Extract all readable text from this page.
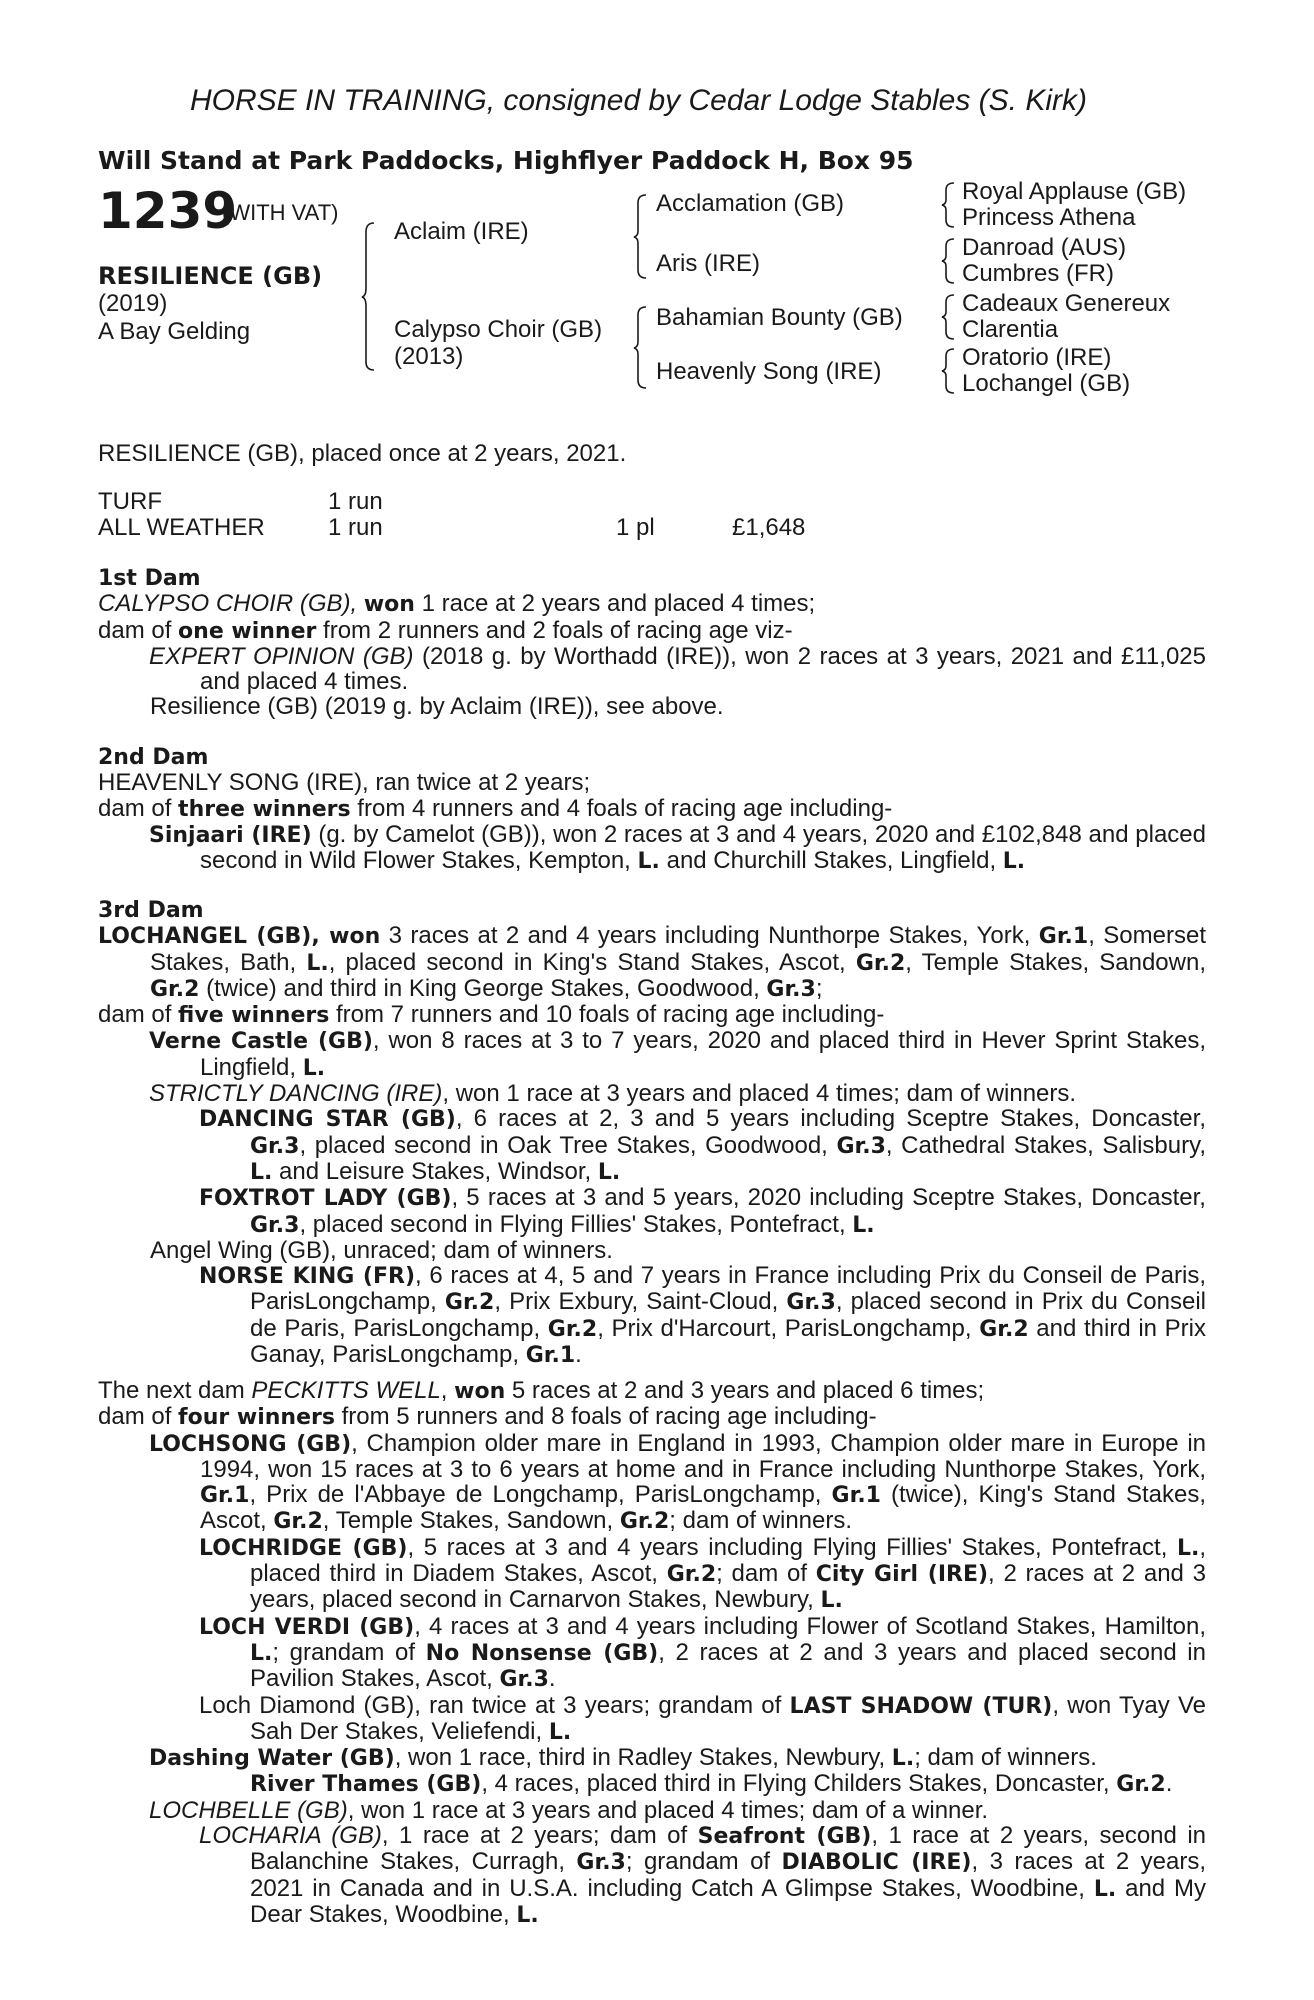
HORSE IN TRAINING, consigned by Cedar Lodge Stables (S. Kirk)
Will Stand at Park Paddocks, Highflyer Paddock H, Box 95
1239
(WITH VAT)
RESILIENCE (GB)
(2019)
A Bay Gelding
Aclaim (IRE)
Calypso Choir (GB)
(2013)
Acclamation (GB)
Aris (IRE)
Bahamian Bounty (GB)
Heavenly Song (IRE)
Royal Applause (GB)
Princess Athena
Danroad (AUS)
Cumbres (FR)
Cadeaux Genereux
Clarentia
Oratorio (IRE)
Lochangel (GB)
RESILIENCE (GB), placed once at 2 years, 2021.
TURF	1 run
ALL WEATHER	1 run	1 pl	£1,648

1st Dam

CALYPSO CHOIR (GB), won 1 race at 2 years and placed 4 times;

dam of one winner from 2 runners and 2 foals of racing age viz-

EXPERT OPINION (GB) (2018 g. by Worthadd (IRE)), won 2 races at 3 years, 2021 and £11,025 and placed 4 times.

Resilience (GB) (2019 g. by Aclaim (IRE)), see above.

2nd Dam

HEAVENLY SONG (IRE), ran twice at 2 years;

dam of three winners from 4 runners and 4 foals of racing age including-

Sinjaari (IRE) (g. by Camelot (GB)), won 2 races at 3 and 4 years, 2020 and £102,848 and placed second in Wild Flower Stakes, Kempton, L. and Churchill Stakes, Lingfield, L.

3rd Dam

LOCHANGEL (GB), won 3 races at 2 and 4 years including Nunthorpe Stakes, York, Gr.1, Somerset Stakes, Bath, L., placed second in King's Stand Stakes, Ascot, Gr.2, Temple Stakes, Sandown, Gr.2 (twice) and third in King George Stakes, Goodwood, Gr.3;

dam of five winners from 7 runners and 10 foals of racing age including-

Verne Castle (GB), won 8 races at 3 to 7 years, 2020 and placed third in Hever Sprint Stakes, Lingfield, L.

STRICTLY DANCING (IRE), won 1 race at 3 years and placed 4 times; dam of winners.

DANCING STAR (GB), 6 races at 2, 3 and 5 years including Sceptre Stakes, Doncaster, Gr.3, placed second in Oak Tree Stakes, Goodwood, Gr.3, Cathedral Stakes, Salisbury, L. and Leisure Stakes, Windsor, L.

FOXTROT LADY (GB), 5 races at 3 and 5 years, 2020 including Sceptre Stakes, Doncaster, Gr.3, placed second in Flying Fillies' Stakes, Pontefract, L.

Angel Wing (GB), unraced; dam of winners.

NORSE KING (FR), 6 races at 4, 5 and 7 years in France including Prix du Conseil de Paris, ParisLongchamp, Gr.2, Prix Exbury, Saint-Cloud, Gr.3, placed second in Prix du Conseil de Paris, ParisLongchamp, Gr.2, Prix d'Harcourt, ParisLongchamp, Gr.2 and third in Prix Ganay, ParisLongchamp, Gr.1.

The next dam PECKITTS WELL, won 5 races at 2 and 3 years and placed 6 times;

dam of four winners from 5 runners and 8 foals of racing age including-

LOCHSONG (GB), Champion older mare in England in 1993, Champion older mare in Europe in 1994, won 15 races at 3 to 6 years at home and in France including Nunthorpe Stakes, York, Gr.1, Prix de l'Abbaye de Longchamp, ParisLongchamp, Gr.1 (twice), King's Stand Stakes, Ascot, Gr.2, Temple Stakes, Sandown, Gr.2; dam of winners.

LOCHRIDGE (GB), 5 races at 3 and 4 years including Flying Fillies' Stakes, Pontefract, L., placed third in Diadem Stakes, Ascot, Gr.2; dam of City Girl (IRE), 2 races at 2 and 3 years, placed second in Carnarvon Stakes, Newbury, L.

LOCH VERDI (GB), 4 races at 3 and 4 years including Flower of Scotland Stakes, Hamilton, L.; grandam of No Nonsense (GB), 2 races at 2 and 3 years and placed second in Pavilion Stakes, Ascot, Gr.3.

Loch Diamond (GB), ran twice at 3 years; grandam of LAST SHADOW (TUR), won Tyay Ve Sah Der Stakes, Veliefendi, L.

Dashing Water (GB), won 1 race, third in Radley Stakes, Newbury, L.; dam of winners.

River Thames (GB), 4 races, placed third in Flying Childers Stakes, Doncaster, Gr.2.

LOCHBELLE (GB), won 1 race at 3 years and placed 4 times; dam of a winner.

LOCHARIA (GB), 1 race at 2 years; dam of Seafront (GB), 1 race at 2 years, second in Balanchine Stakes, Curragh, Gr.3; grandam of DIABOLIC (IRE), 3 races at 2 years, 2021 in Canada and in U.S.A. including Catch A Glimpse Stakes, Woodbine, L. and My Dear Stakes, Woodbine, L.
